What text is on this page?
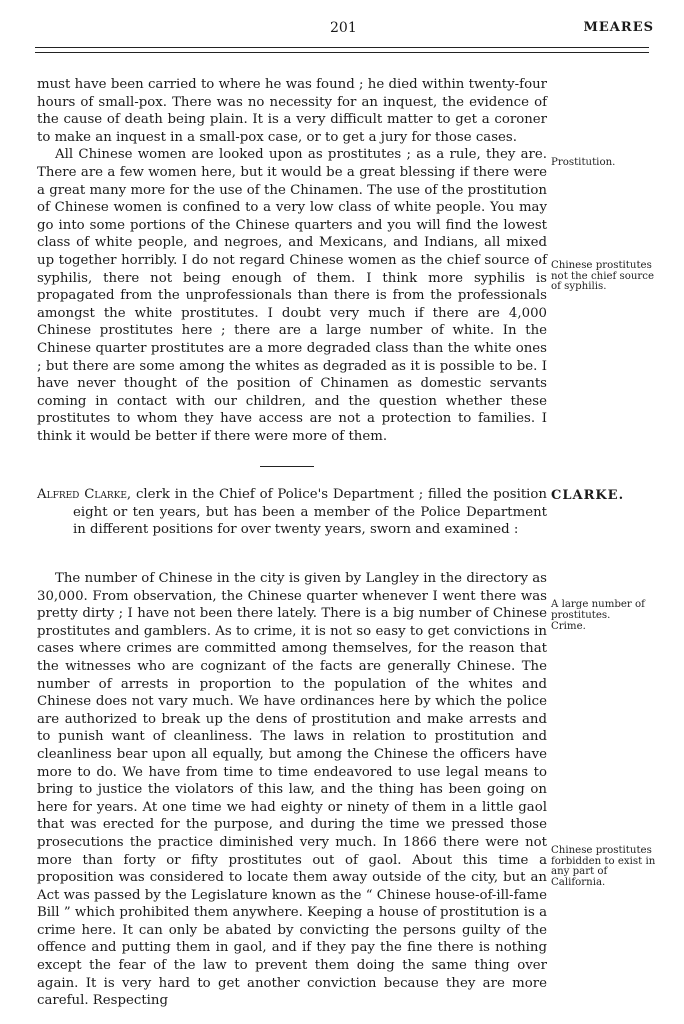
201	MEARES

must have been carried to where he was found ; he died within twenty-four hours of small-pox. There was no necessity for an inquest, the evidence of the cause of death being plain. It is a very difficult matter to get a coroner to make an inquest in a small-pox case, or to get a jury for those cases.

All Chinese women are looked upon as prostitutes ; as a rule, they are. There are a few women here, but it would be a great blessing if there were a great many more for the use of the Chinamen. The use of the prostitution of Chinese women is confined to a very low class of white people. You may go into some portions of the Chinese quarters and you will find the lowest class of white people, and negroes, and Mexicans, and Indians, all mixed up together horribly. I do not regard Chinese women as the chief source of syphilis, there not being enough of them. I think more syphilis is propagated from the unprofessionals than there is from the professionals amongst the white prostitutes. I doubt very much if there are 4,000 Chinese prostitutes here ; there are a large number of white. In the Chinese quarter prostitutes are a more degraded class than the white ones ; but there are some among the whites as degraded as it is possible to be. I have never thought of the position of Chinamen as domestic servants coming in contact with our children, and the question whether these prostitutes to whom they have access are not a protection to families. I think it would be better if there were more of them.

Prostitution.
Chinese prostitutes not the chief source of syphilis.
Alfred Clarke, clerk in the Chief of Police's Department ; filled the position eight or ten years, but has been a member of the Police Department in different positions for over twenty years, sworn and examined :
CLARKE.

The number of Chinese in the city is given by Langley in the directory as 30,000. From observation, the Chinese quarter whenever I went there was pretty dirty ; I have not been there lately. There is a big number of Chinese prostitutes and gamblers. As to crime, it is not so easy to get convictions in cases where crimes are committed among themselves, for the reason that the witnesses who are cognizant of the facts are generally Chinese. The number of arrests in proportion to the population of the whites and Chinese does not vary much. We have ordinances here by which the police are authorized to break up the dens of prostitution and make arrests and to punish want of cleanliness. The laws in relation to prostitution and cleanliness bear upon all equally, but among the Chinese the officers have more to do. We have from time to time endeavored to use legal means to bring to justice the violators of this law, and the thing has been going on here for years. At one time we had eighty or ninety of them in a little gaol that was erected for the purpose, and during the time we pressed those prosecutions the practice diminished very much. In 1866 there were not more than forty or fifty prostitutes out of gaol. About this time a proposition was considered to locate them away outside of the city, but an Act was passed by the Legislature known as the “ Chinese house-of-ill-fame Bill ” which prohibited them anywhere. Keeping a house of prostitution is a crime here. It can only be abated by convicting the persons guilty of the offence and putting them in gaol, and if they pay the fine there is nothing except the fear of the law to prevent them doing the same thing over again. It is very hard to get another conviction because they are more careful. Respecting

A large number of prostitutes.
Crime.
Chinese prostitutes forbidden to exist in any part of California.
